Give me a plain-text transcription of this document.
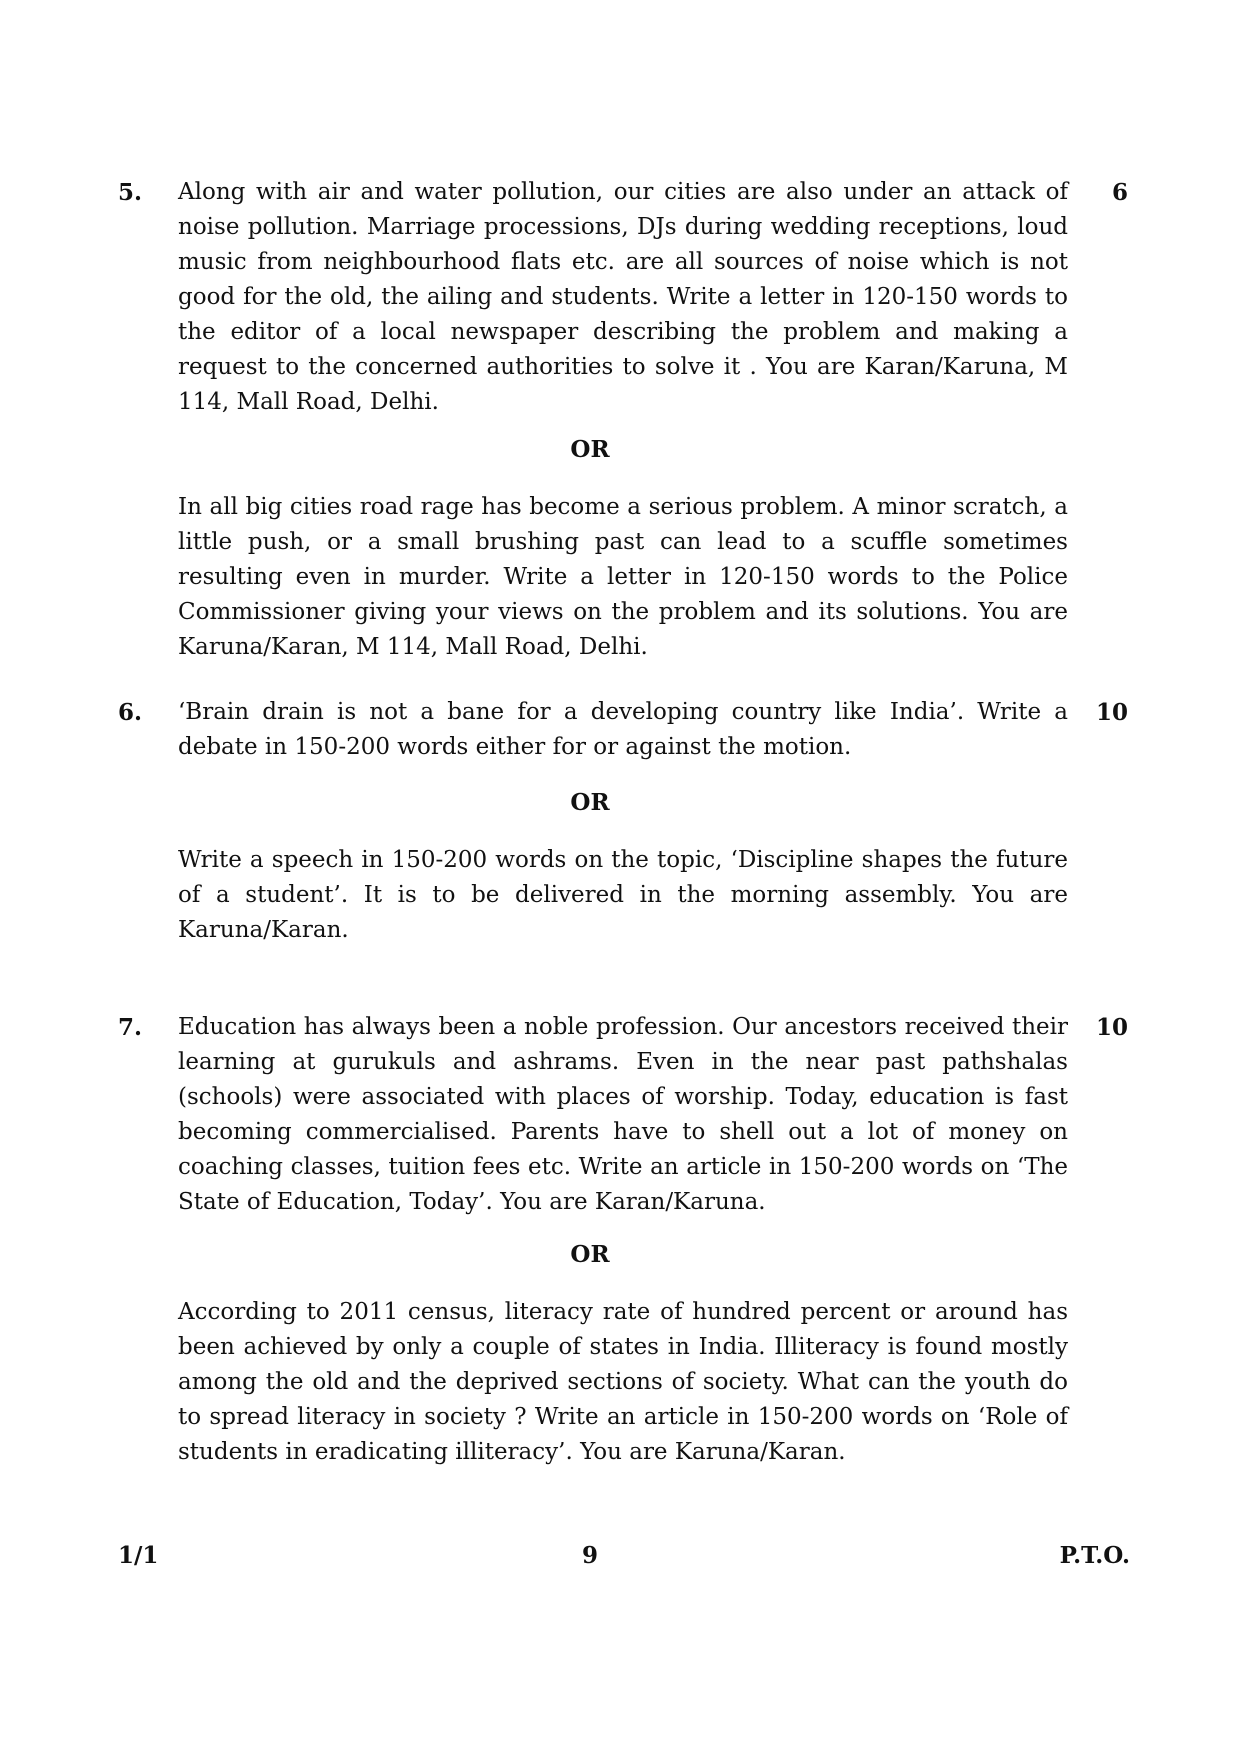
5.	6
Along with air and water pollution, our cities are also under an attack of noise pollution. Marriage processions, DJs during wedding receptions, loud music from neighbourhood flats etc. are all sources of noise which is not good for the old, the ailing and students. Write a letter in 120-150 words to the editor of a local newspaper describing the problem and making a request to the concerned authorities to solve it . You are Karan/Karuna, M 114, Mall Road, Delhi.
OR
In all big cities road rage has become a serious problem. A minor scratch, a little push, or a small brushing past can lead to a scuffle sometimes resulting even in murder. Write a letter in 120-150 words to the Police Commissioner giving your views on the problem and its solutions. You are Karuna/Karan, M 114, Mall Road, Delhi.
6.	10
‘Brain drain is not a bane for a developing country like India’. Write a debate in 150-200 words either for or against the motion.
OR
Write a speech in 150-200 words on the topic, ‘Discipline shapes the future of a student’. It is to be delivered in the morning assembly. You are Karuna/Karan.
7.	10
Education has always been a noble profession. Our ancestors received their learning at gurukuls and ashrams. Even in the near past pathshalas (schools) were associated with places of worship. Today, education is fast becoming commercialised. Parents have to shell out a lot of money on coaching classes, tuition fees etc. Write an article in 150-200 words on ‘The State of Education, Today’. You are Karan/Karuna.
OR
According to 2011 census, literacy rate of hundred percent or around has been achieved by only a couple of states in India. Illiteracy is found mostly among the old and the deprived sections of society. What can the youth do to spread literacy in society ? Write an article in 150-200 words on ‘Role of students in eradicating illiteracy’. You are Karuna/Karan.
1/1	9	P.T.O.
